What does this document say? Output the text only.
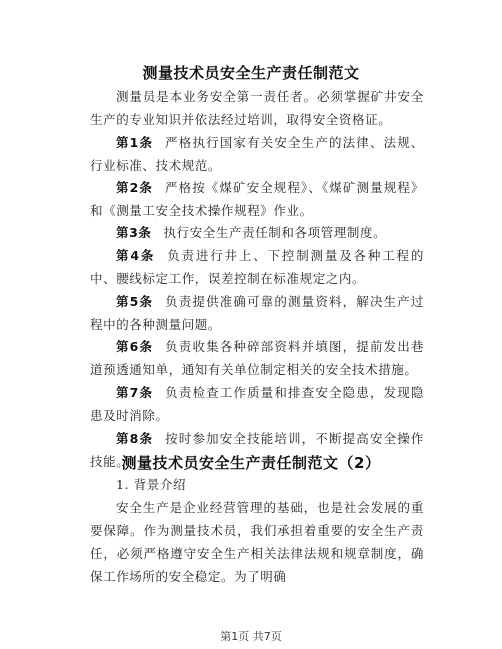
测量技术员安全生产责任制范文
测量员是本业务安全第一责任者。必须掌握矿井安全生产的专业知识并依法经过培训，取得安全资格证。
第1条 严格执行国家有关安全生产的法律、法规、行业标准、技术规范。
第2条 严格按《煤矿安全规程》、《煤矿测量规程》和《测量工安全技术操作规程》作业。
第3条 执行安全生产责任制和各项管理制度。
第4条 负责进行井上、下控制测量及各种工程的中、腰线标定工作，误差控制在标准规定之内。
第5条 负责提供准确可靠的测量资料，解决生产过程中的各种测量问题。
第6条 负责收集各种碎部资料并填图，提前发出巷道预透通知单，通知有关单位制定相关的安全技术措施。
第7条 负责检查工作质量和排查安全隐患，发现隐患及时消除。
第8条 按时参加安全技能培训，不断提高安全操作技能。
测量技术员安全生产责任制范文（2）
1. 背景介绍
安全生产是企业经营管理的基础，也是社会发展的重要保障。作为测量技术员，我们承担着重要的安全生产责任，必须严格遵守安全生产相关法律法规和规章制度，确保工作场所的安全稳定。为了明确
第1页 共7页
